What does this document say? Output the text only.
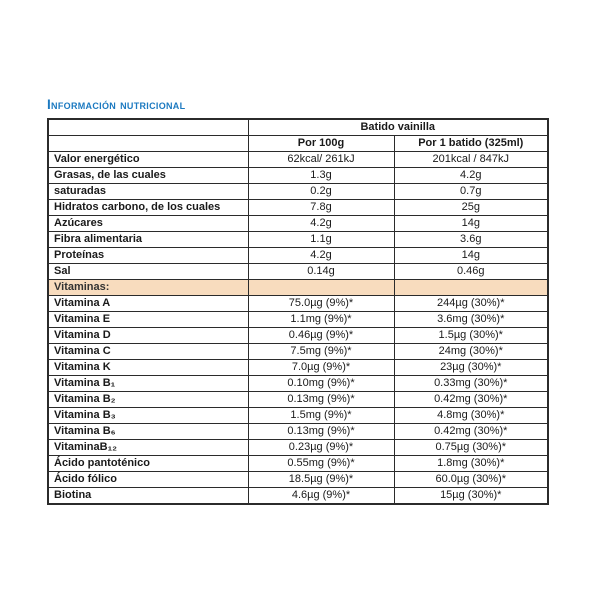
Información nutricional
	Batido vainilla	
	Por 100g	Por 1 batido (325ml)
Valor energético	62kcal/ 261kJ	201kcal / 847kJ
Grasas, de las cuales	1.3g	4.2g
saturadas	0.2g	0.7g
Hidratos carbono, de los cuales	7.8g	25g
Azúcares	4.2g	14g
Fibra alimentaria	1.1g	3.6g
Proteínas	4.2g	14g
Sal	0.14g	0.46g
Vitaminas:		
Vitamina A	75.0µg (9%)*	244µg (30%)*
Vitamina E	1.1mg (9%)*	3.6mg (30%)*
Vitamina D	0.46µg (9%)*	1.5µg (30%)*
Vitamina C	7.5mg (9%)*	24mg (30%)*
Vitamina K	7.0µg (9%)*	23µg (30%)*
Vitamina B₁	0.10mg (9%)*	0.33mg (30%)*
Vitamina B₂	0.13mg (9%)*	0.42mg (30%)*
Vitamina B₃	1.5mg (9%)*	4.8mg (30%)*
Vitamina B₆	0.13mg (9%)*	0.42mg (30%)*
VitaminaB₁₂	0.23µg (9%)*	0.75µg (30%)*
Ácido pantoténico	0.55mg (9%)*	1.8mg (30%)*
Ácido fólico	18.5µg (9%)*	60.0µg (30%)*
Biotina	4.6µg (9%)*	15µg (30%)*
